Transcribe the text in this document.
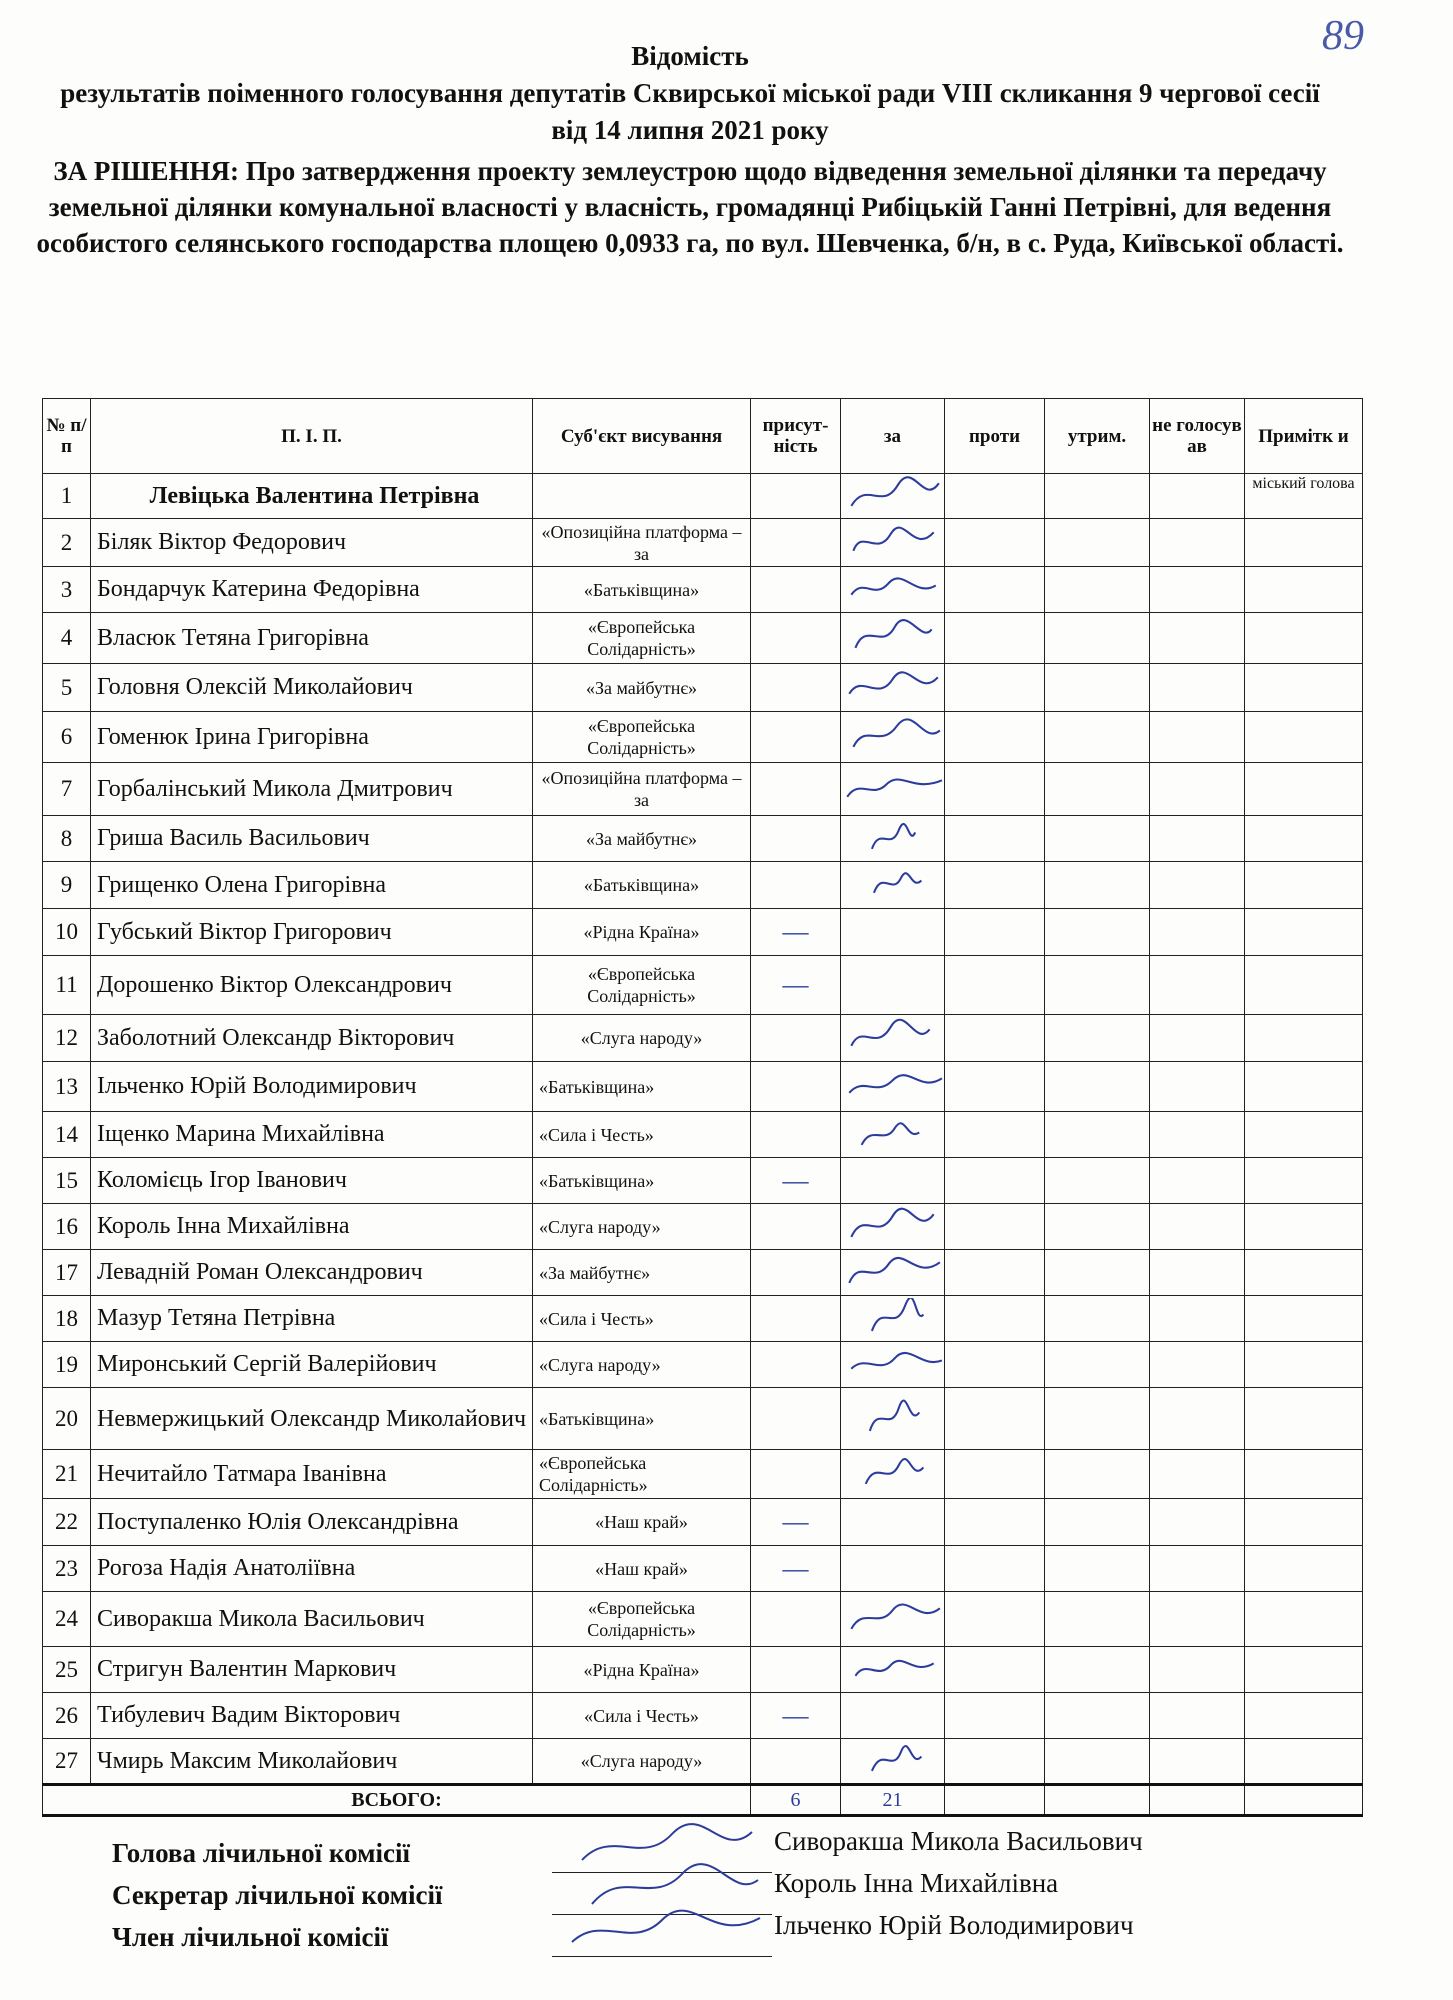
89
Відомість
результатів поіменного голосування депутатів Сквирської міської ради VIII скликання 9 чергової сесії від 14 липня 2021 року
ЗА РІШЕННЯ: Про затвердження проекту землеустрою щодо відведення земельної ділянки та передачу земельної ділянки комунальної власності у власність, громадянці Рибіцькій Ганні Петрівні, для ведення особистого селянського господарства площею 0,0933 га, по вул. Шевченка, б/н, в с. Руда, Київської області.
№ п/п	П. І. П.	Суб'єкт висування	присут-ність	за	проти	утрим.	не голосув ав	Примітк и
1	Левіцька Валентина Петрівна							міський голова
2	Біляк Віктор Федорович	«Опозиційна платформа – за		

3	Бондарчук Катерина Федорівна	«Батьківщина»		

4	Власюк Тетяна Григорівна	«Європейська Солідарність»		

5	Головня Олексій Миколайович	«За майбутнє»		

6	Гоменюк Ірина Григорівна	«Європейська Солідарність»		

7	Горбалінський Микола Дмитрович	«Опозиційна платформа – за		

8	Гриша Василь Васильович	«За майбутнє»		

9	Грищенко Олена Григорівна	«Батьківщина»		

10	Губський Віктор Григорович	«Рідна Країна»	—					
11	Дорошенко Віктор Олександрович	«Європейська Солідарність»	—					
12	Заболотний Олександр Вікторович	«Слуга народу»		

13	Ільченко Юрій Володимирович	«Батьківщина»		

14	Іщенко Марина Михайлівна	«Сила і Честь»		

15	Коломієць Ігор Іванович	«Батьківщина»	—					
16	Король Інна Михайлівна	«Слуга народу»		

17	Левадній Роман Олександрович	«За майбутнє»		

18	Мазур Тетяна Петрівна	«Сила і Честь»		

19	Миронський Сергій Валерійович	«Слуга народу»		

20	Невмержицький Олександр Миколайович	«Батьківщина»		

21	Нечитайло Татмара Іванівна	«Європейська Солідарність»		

22	Поступаленко Юлія Олександрівна	«Наш край»	—					
23	Рогоза Надія Анатоліївна	«Наш край»	—					
24	Сиворакша Микола Васильович	«Європейська Солідарність»		

25	Стригун Валентин Маркович	«Рідна Країна»		

26	Тибулевич Вадим Вікторович	«Сила і Честь»	—					
27	Чмирь Максим Миколайович	«Слуга народу»		

ВСЬОГО:			6	21				
Голова лічильної комісії	Сиворакша Микола Васильович
Секретар лічильної комісії	Король Інна Михайлівна
Член лічильної комісії	Ільченко Юрій Володимирович
